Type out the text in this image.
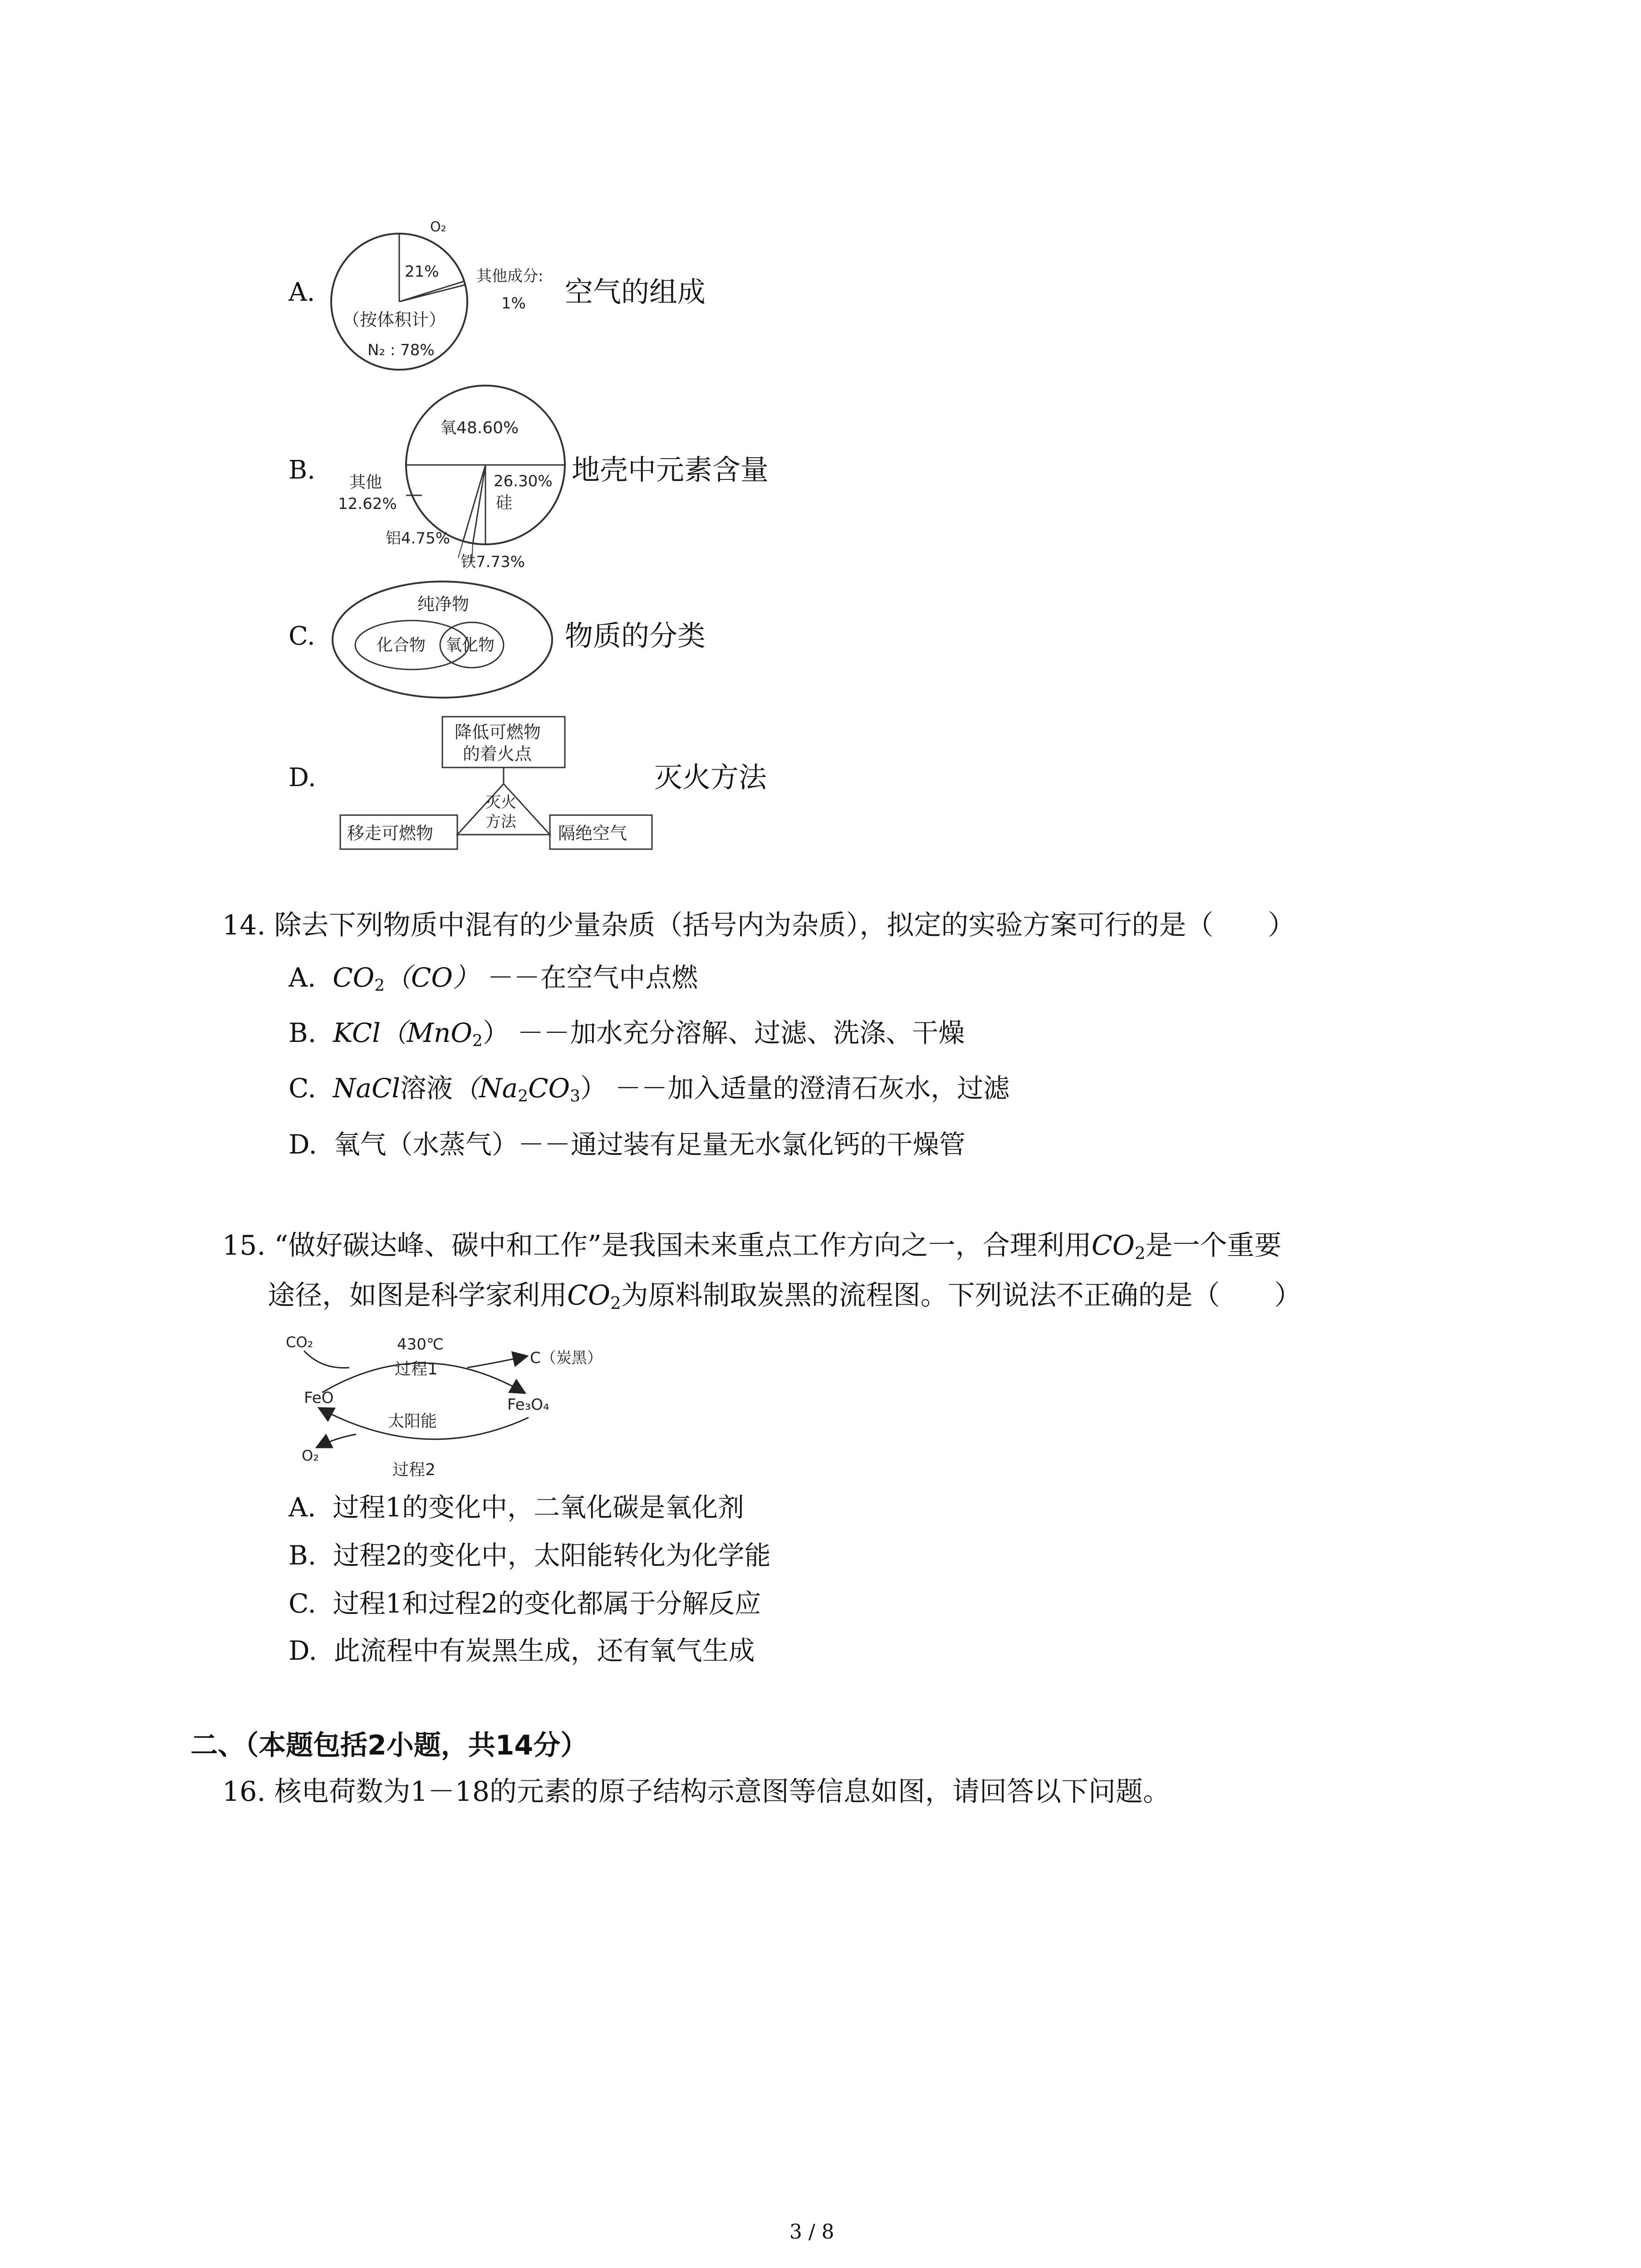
A.
O₂
21% 其他成分:
1%
（按体积计）
N₂ : 78%
空气的组成
B.
氧48.60%
26.30%
硅
其他
12.62%
铝4.75%
铁7.73%
地壳中元素含量
C.
纯净物
化合物 氧化物 物质的分类
D.
降低可燃物
的着火点
灭火
方法
移走可燃物	隔绝空气
灭火方法
14. 除去下列物质中混有的少量杂质（括号内为杂质），拟定的实验方案可行的是（　　）
A. $CO_2(CO)$ －－在空气中点燃
B. KCl（MnO$_2$） －－加水充分溶解、过滤、洗涤、干燥
C. NaCl溶液$(Na_2CO_3)$ －－加入适量的澄清石灰水，过滤
D. 氧气（水蒸气）－－通过装有足量无水氯化钙的干燥管
15. “做好碳达峰、碳中和工作”是我国未来重点工作方向之一，合理利用$CO_2$是一个重要
途径，如图是科学家利用$CO_2$为原料制取炭黑的流程图。下列说法不正确的是（　　）
CO₂	430℃
过程1
C（炭黑）
FeO	Fe₃O₄
太阳能
O₂
过程2
A. 过程1的变化中，二氧化碳是氧化剂
B. 过程2的变化中，太阳能转化为化学能
C. 过程1和过程2的变化都属于分解反应
D. 此流程中有炭黑生成，还有氧气生成
二、（本题包括2小题，共14分）
16. 核电荷数为1－18的元素的原子结构示意图等信息如图，请回答以下问题。
3 / 8
